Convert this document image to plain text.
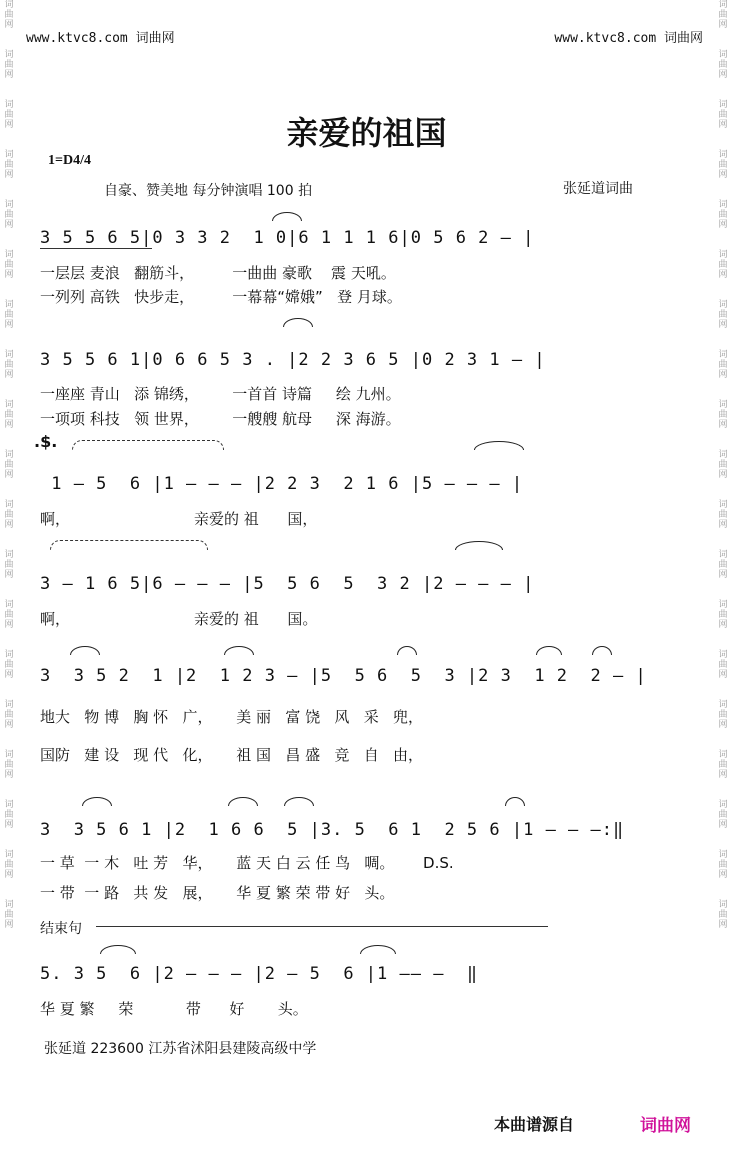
www.ktvc8.com 词曲网	www.ktvc8.com 词曲网
词
曲
网
词
曲
网
词
曲
网
词
曲
网
词
曲
网
词
曲
网
词
曲
网
词
曲
网
词
曲
网
词
曲
网
词
曲
网
词
曲
网
词
曲
网
词
曲
网
词
曲
网
词
曲
网
词
曲
网
词
曲
网
词
曲
网
词
曲
网
词
曲
网
词
曲
网
词
曲
网
词
曲
网
词
曲
网
词
曲
网
词
曲
网
词
曲
网
词
曲
网
词
曲
网
词
曲
网
词
曲
网
词
曲
网
词
曲
网
词
曲
网
词
曲
网
词
曲
网
词
曲
网
亲爱的祖国
1=D4/4
自豪、赞美地 每分钟演唱 100 拍	张延道词曲
3 5 5 6 5|0 3 3 2  1 0|6 1 1 1 6|0 5 6 2 — |
一层层 麦浪   翻筋斗，        一曲曲 豪歌    震 天吼。
一列列 高铁   快步走，        一幕幕“嫦娥”   登 月球。
3 5 5 6 1|0 6 6 5 3 . |2 2 3 6 5 |0 2 3 1 — |
一座座 青山   添 锦绣，       一首首 诗篇     绘 九州。
一项项 科技   领 世界，       一艘艘 航母     深 海游。
.$.
1 — 5  6 |1 — — — |2 2 3  2 1 6 |5 — — — |
啊，                          亲爱的 祖      国，
3 — 1 6 5|6 — — — |5  5 6  5  3 2 |2 — — — |
啊，                          亲爱的 祖      国。
3  3 5 2  1 |2  1 2 3 — |5  5 6  5  3 |2 3  1 2  2 — |
地大   物 博   胸 怀   广，     美 丽   富 饶   风   采   兜，
国防   建 设   现 代   化，     祖 国   昌 盛   竞   自   由，
3  3 5 6 1 |2  1 6 6  5 |3. 5  6 1  2 5 6 |1 — — —:‖
一 草  一 木   吐 芳   华，     蓝 天 白 云 任 鸟   啁。      D.S.
一 带  一 路   共 发   展，     华 夏 繁 荣 带 好   头。
结束句
5. 3 5  6 |2 — — — |2 — 5  6 |1 —— —  ‖
华 夏 繁     荣           带      好       头。
张延道 223600 江苏省沭阳县建陵高级中学
本曲谱源自	词曲网
